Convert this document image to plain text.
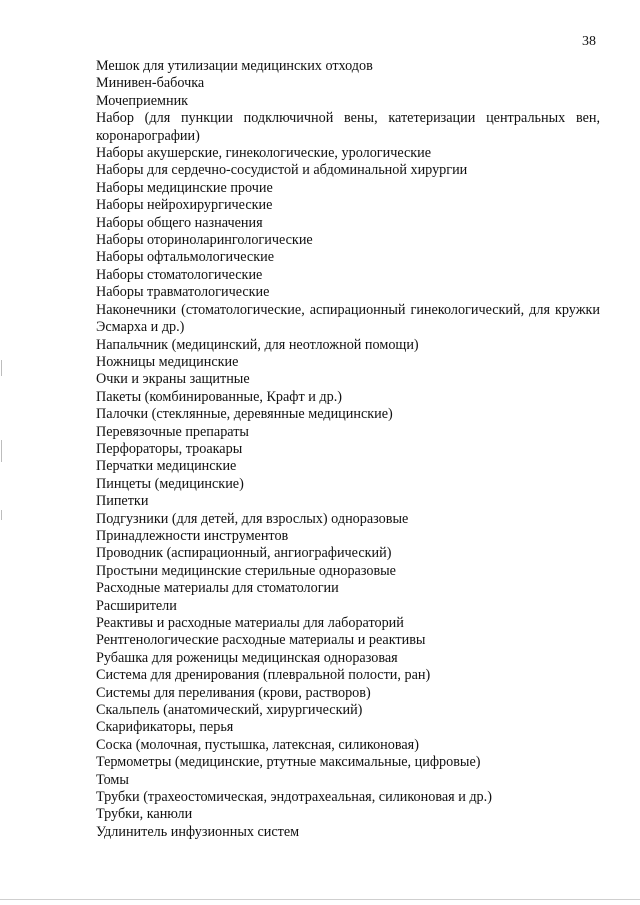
38
Мешок для утилизации медицинских отходов
Минивен-бабочка
Мочеприемник
Набор (для пункции подключичной вены, катетеризации центральных вен, коронарографии)
Наборы акушерские, гинекологические, урологические
Наборы для сердечно-сосудистой и абдоминальной хирургии
Наборы медицинские прочие
Наборы нейрохирургические
Наборы общего назначения
Наборы оториноларингологические
Наборы офтальмологические
Наборы стоматологические
Наборы травматологические
Наконечники (стоматологические, аспирационный гинекологический, для кружки Эсмарха и др.)
Напальчник (медицинский, для неотложной помощи)
Ножницы медицинские
Очки и экраны защитные
Пакеты (комбинированные, Крафт и др.)
Палочки (стеклянные, деревянные медицинские)
Перевязочные препараты
Перфораторы, троакары
Перчатки медицинские
Пинцеты (медицинские)
Пипетки
Подгузники (для детей, для взрослых) одноразовые
Принадлежности инструментов
Проводник (аспирационный, ангиографический)
Простыни медицинские стерильные одноразовые
Расходные материалы для стоматологии
Расширители
Реактивы и расходные материалы для лабораторий
Рентгенологические расходные материалы и реактивы
Рубашка для роженицы медицинская одноразовая
Система для дренирования (плевральной полости, ран)
Системы для переливания (крови, растворов)
Скальпель (анатомический, хирургический)
Скарификаторы, перья
Соска (молочная, пустышка, латексная, силиконовая)
Термометры (медицинские, ртутные максимальные, цифровые)
Томы
Трубки (трахеостомическая, эндотрахеальная, силиконовая и др.)
Трубки, канюли
Удлинитель инфузионных систем
